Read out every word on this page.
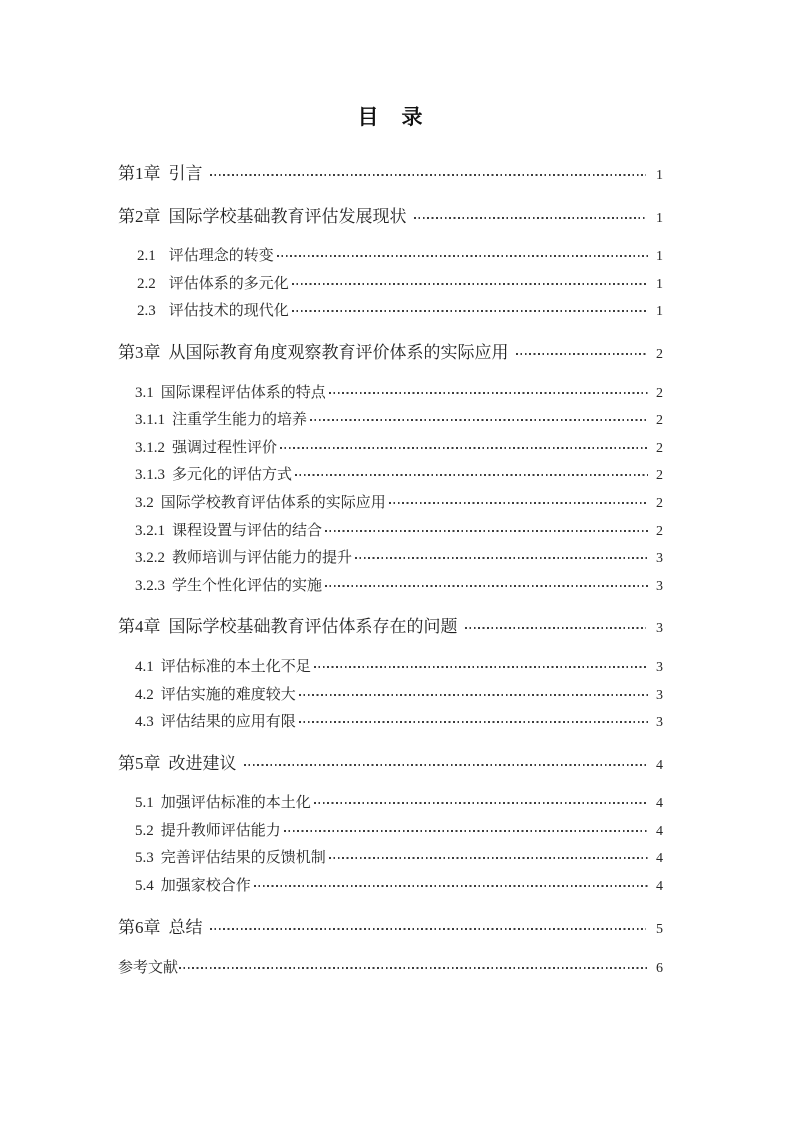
目 录
第1章 引言	1
第2章 国际学校基础教育评估发展现状	1
2.1 评估理念的转变	1
2.2 评估体系的多元化	1
2.3 评估技术的现代化	1
第3章 从国际教育角度观察教育评价体系的实际应用	2
3.1 国际课程评估体系的特点	2
3.1.1 注重学生能力的培养	2
3.1.2 强调过程性评价	2
3.1.3 多元化的评估方式	2
3.2 国际学校教育评估体系的实际应用	2
3.2.1 课程设置与评估的结合	2
3.2.2 教师培训与评估能力的提升	3
3.2.3 学生个性化评估的实施	3
第4章 国际学校基础教育评估体系存在的问题	3
4.1 评估标准的本土化不足	3
4.2 评估实施的难度较大	3
4.3 评估结果的应用有限	3
第5章 改进建议	4
5.1 加强评估标准的本土化	4
5.2 提升教师评估能力	4
5.3 完善评估结果的反馈机制	4
5.4 加强家校合作	4
第6章 总结	5
参考文献	6
